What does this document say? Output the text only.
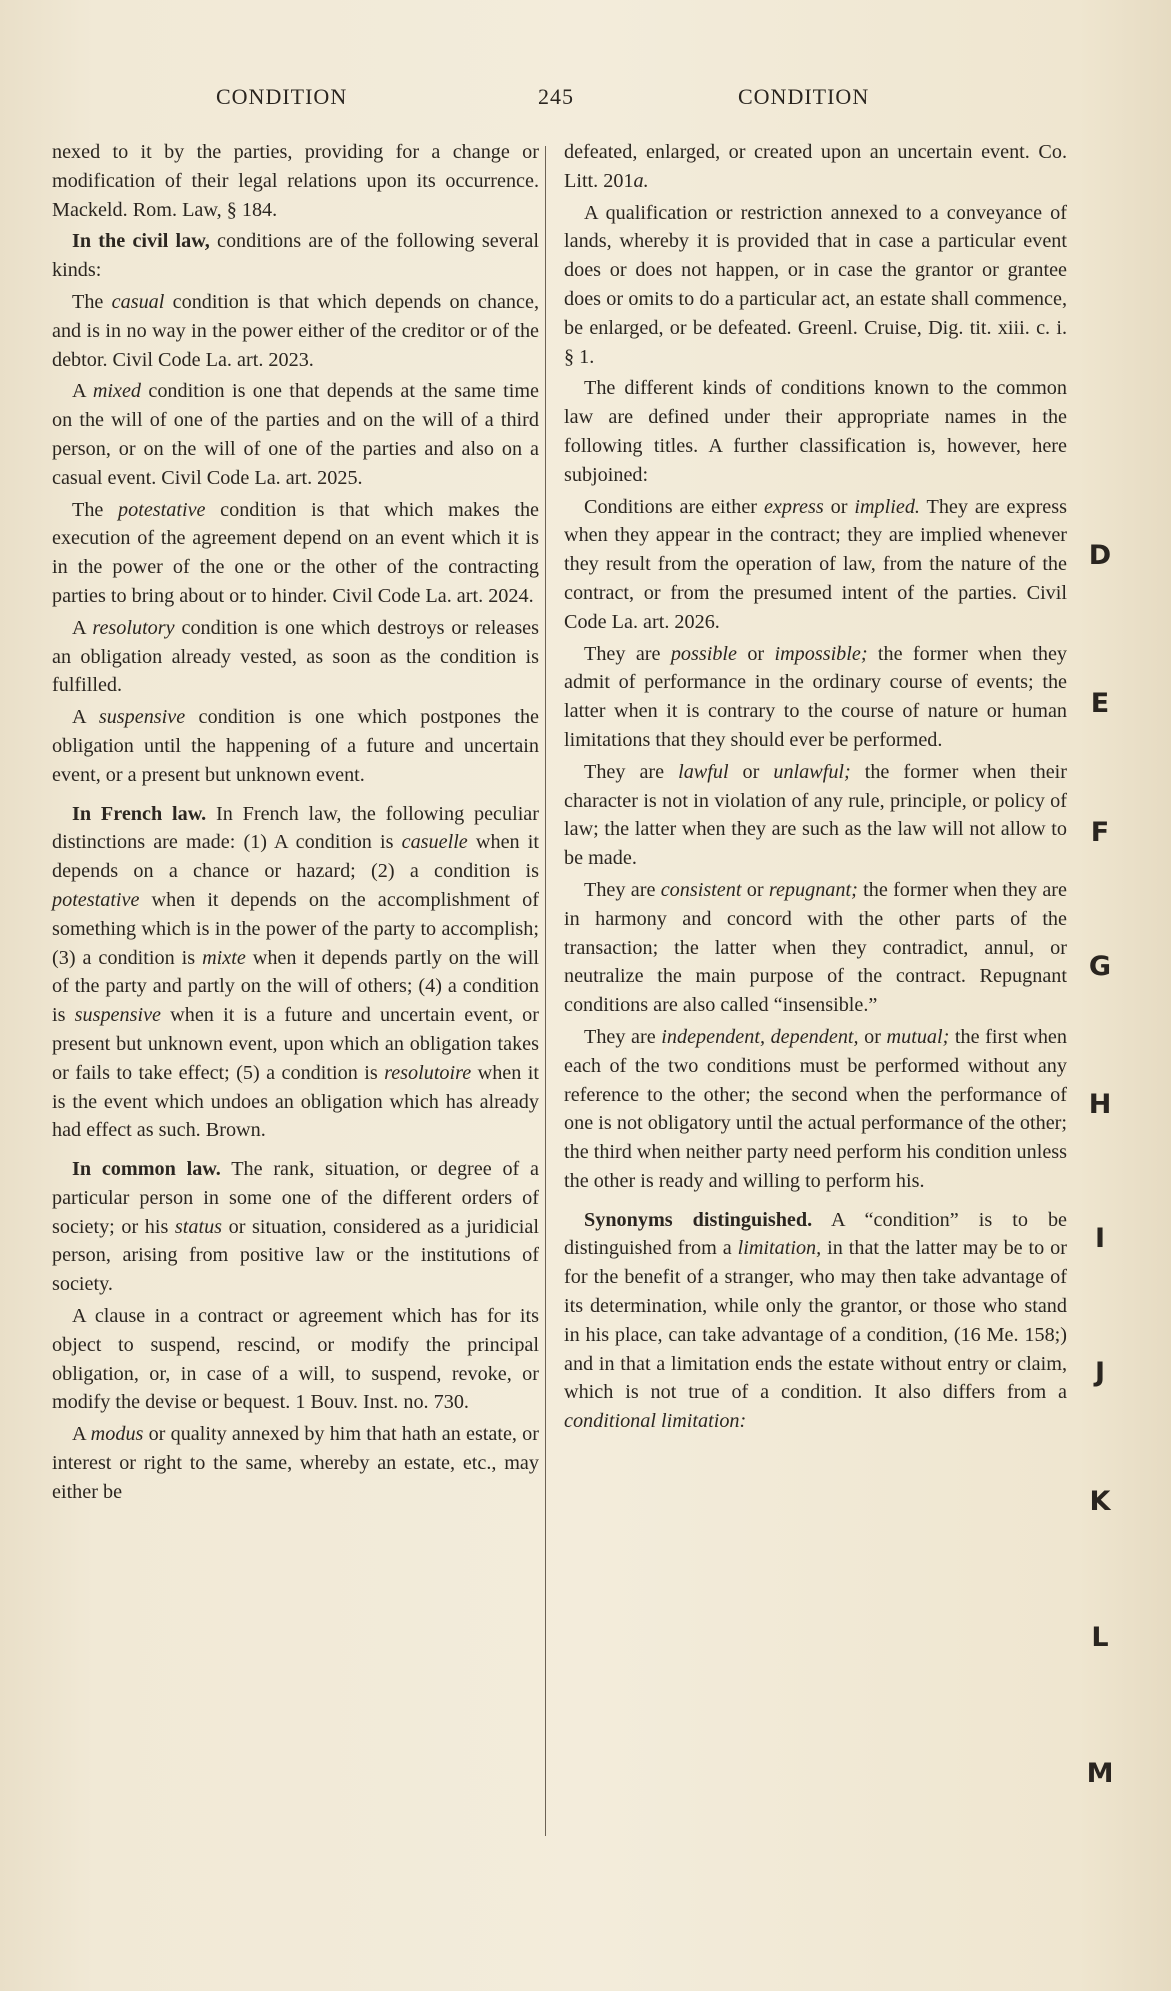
CONDITION	245	CONDITION

nexed to it by the parties, providing for a change or modification of their legal relations upon its occurrence. Mackeld. Rom. Law, § 184.

In the civil law, conditions are of the following several kinds:

The casual condition is that which depends on chance, and is in no way in the power either of the creditor or of the debtor. Civil Code La. art. 2023.

A mixed condition is one that depends at the same time on the will of one of the parties and on the will of a third person, or on the will of one of the parties and also on a casual event. Civil Code La. art. 2025.

The potestative condition is that which makes the execution of the agreement depend on an event which it is in the power of the one or the other of the contracting parties to bring about or to hinder. Civil Code La. art. 2024.

A resolutory condition is one which destroys or releases an obligation already vested, as soon as the condition is fulfilled.

A suspensive condition is one which postpones the obligation until the happening of a future and uncertain event, or a present but unknown event.

In French law. In French law, the following peculiar distinctions are made: (1) A condition is casuelle when it depends on a chance or hazard; (2) a condition is potestative when it depends on the accomplishment of something which is in the power of the party to accomplish; (3) a condition is mixte when it depends partly on the will of the party and partly on the will of others; (4) a condition is suspensive when it is a future and uncertain event, or present but unknown event, upon which an obligation takes or fails to take effect; (5) a condition is resolutoire when it is the event which undoes an obligation which has already had effect as such. Brown.

In common law. The rank, situation, or degree of a particular person in some one of the different orders of society; or his status or situation, considered as a juridicial person, arising from positive law or the institutions of society.

A clause in a contract or agreement which has for its object to suspend, rescind, or modify the principal obligation, or, in case of a will, to suspend, revoke, or modify the devise or bequest. 1 Bouv. Inst. no. 730.

A modus or quality annexed by him that hath an estate, or interest or right to the same, whereby an estate, etc., may either be

defeated, enlarged, or created upon an uncertain event. Co. Litt. 201a.

A qualification or restriction annexed to a conveyance of lands, whereby it is provided that in case a particular event does or does not happen, or in case the grantor or grantee does or omits to do a particular act, an estate shall commence, be enlarged, or be defeated. Greenl. Cruise, Dig. tit. xiii. c. i. § 1.

The different kinds of conditions known to the common law are defined under their appropriate names in the following titles. A further classification is, however, here subjoined:

Conditions are either express or implied. They are express when they appear in the contract; they are implied whenever they result from the operation of law, from the nature of the contract, or from the presumed intent of the parties. Civil Code La. art. 2026.

They are possible or impossible; the former when they admit of performance in the ordinary course of events; the latter when it is contrary to the course of nature or human limitations that they should ever be performed.

They are lawful or unlawful; the former when their character is not in violation of any rule, principle, or policy of law; the latter when they are such as the law will not allow to be made.

They are consistent or repugnant; the former when they are in harmony and concord with the other parts of the transaction; the latter when they contradict, annul, or neutralize the main purpose of the contract. Repugnant conditions are also called “insensible.”

They are independent, dependent, or mutual; the first when each of the two conditions must be performed without any reference to the other; the second when the performance of one is not obligatory until the actual performance of the other; the third when neither party need perform his condition unless the other is ready and willing to perform his.

Synonyms distinguished. A “condition” is to be distinguished from a limitation, in that the latter may be to or for the benefit of a stranger, who may then take advantage of its determination, while only the grantor, or those who stand in his place, can take advantage of a condition, (16 Me. 158;) and in that a limitation ends the estate without entry or claim, which is not true of a condition. It also differs from a conditional limitation:

D
E
F
G
H
I
J
K
L
M
